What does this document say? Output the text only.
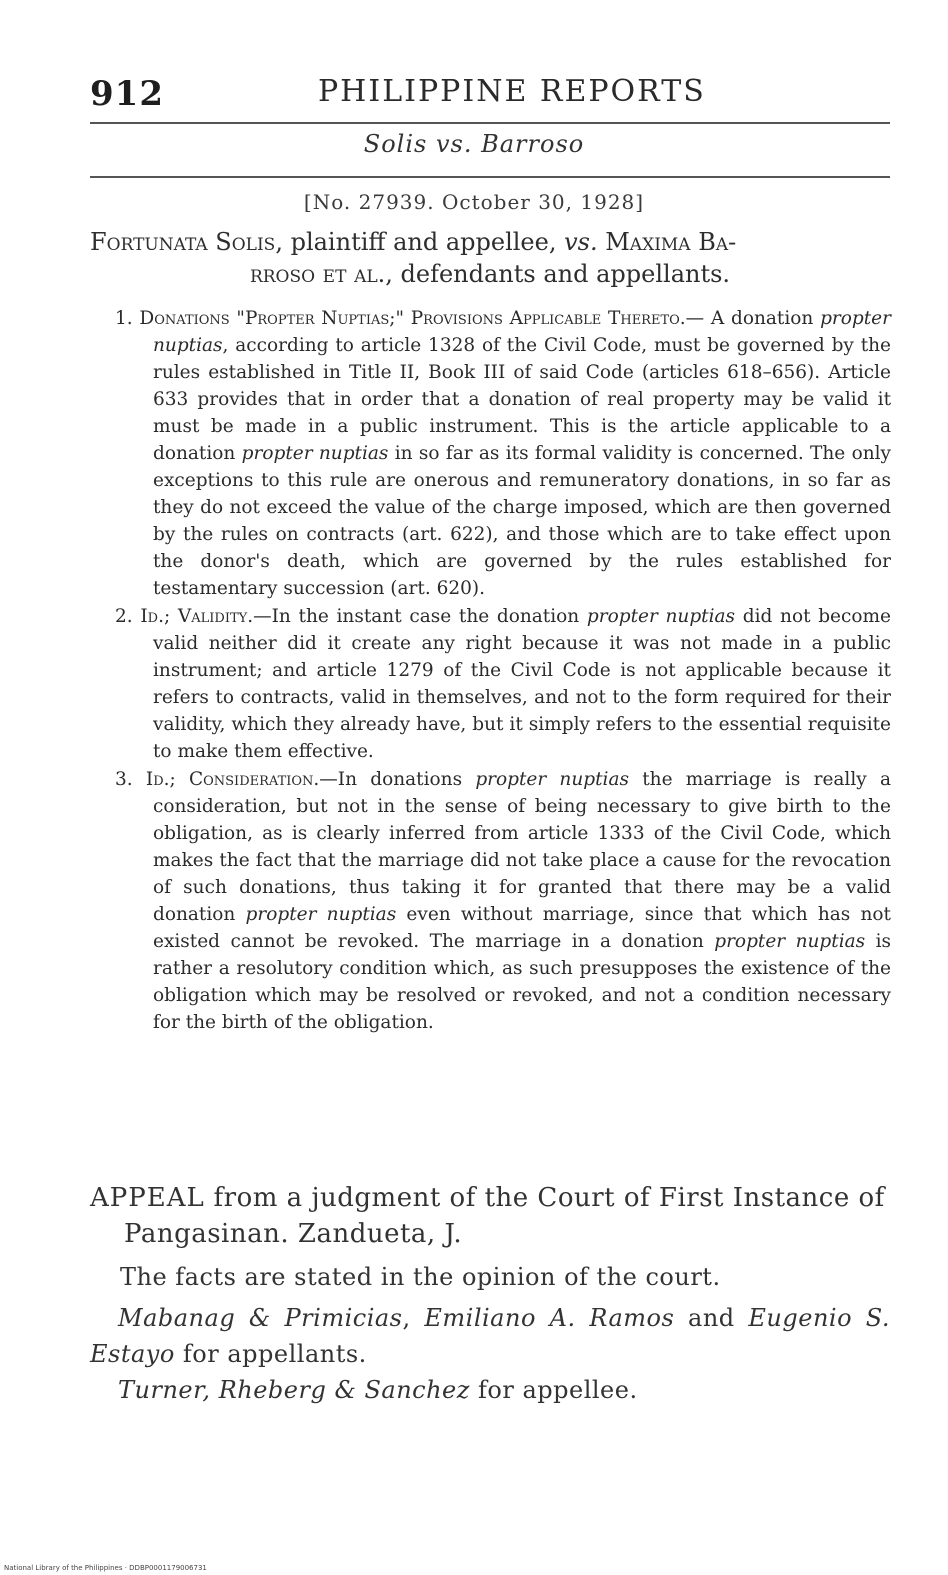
912	PHILIPPINE REPORTS
Solis vs. Barroso
[No. 27939. October 30, 1928]
Fortunata Solis, plaintiff and appellee, vs. Maxima Ba-
rroso et al., defendants and appellants.

1. Donations "Propter Nuptias;" Provisions Applicable Thereto.— A donation propter nuptias, according to article 1328 of the Civil Code, must be governed by the rules established in Title II, Book III of said Code (articles 618–656). Article 633 provides that in order that a donation of real property may be valid it must be made in a public instrument. This is the article applicable to a donation propter nuptias in so far as its formal validity is concerned. The only exceptions to this rule are onerous and remuneratory donations, in so far as they do not exceed the value of the charge imposed, which are then governed by the rules on contracts (art. 622), and those which are to take effect upon the donor's death, which are governed by the rules established for testamentary succession (art. 620).

2. Id.; Validity.—In the instant case the donation propter nuptias did not become valid neither did it create any right because it was not made in a public instrument; and article 1279 of the Civil Code is not applicable because it refers to contracts, valid in themselves, and not to the form required for their validity, which they already have, but it simply refers to the essential requisite to make them effective.

3. Id.; Consideration.—In donations propter nuptias the marriage is really a consideration, but not in the sense of being necessary to give birth to the obligation, as is clearly inferred from article 1333 of the Civil Code, which makes the fact that the marriage did not take place a cause for the revocation of such donations, thus taking it for granted that there may be a valid donation propter nuptias even without marriage, since that which has not existed cannot be revoked. The marriage in a donation propter nuptias is rather a resolutory condition which, as such presupposes the existence of the obligation which may be resolved or revoked, and not a condition necessary for the birth of the obligation.

APPEAL from a judgment of the Court of First Instance of Pangasinan. Zandueta, J.

The facts are stated in the opinion of the court.

Mabanag & Primicias, Emiliano A. Ramos and Eugenio S. Estayo for appellants.

Turner, Rheberg & Sanchez for appellee.

National Library of the Philippines · DDBP0001179006731
